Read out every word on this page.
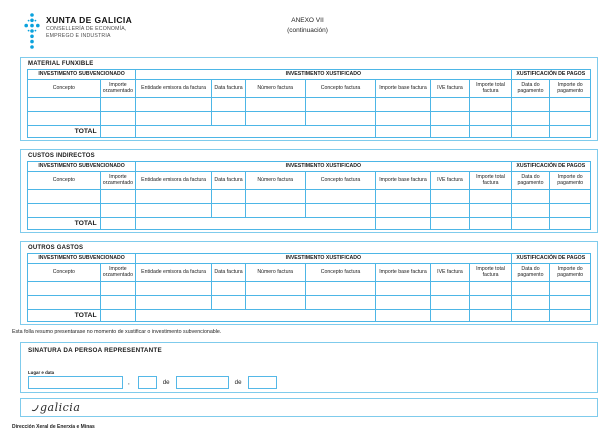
XUNTA DE GALICIA
CONSELLERÍA DE ECONOMÍA,
EMPREGO E INDUSTRIA
ANEXO VII
(continuación)
MATERIAL FUNXIBLE
INVESTIMENTO SUBVENCIONADO		INVESTIMENTO XUSTIFICADO							XUSTIFICACIÓN DE PAGOS	
Concepto	Importe orzamentado	Entidade emisora da factura	Data factura	Número factura	Concepto factura	Importe base factura	IVE factura	Importe total factura	Data do pagamento	Importe do pagamento

TOTAL										
CUSTOS INDIRECTOS
INVESTIMENTO SUBVENCIONADO		INVESTIMENTO XUSTIFICADO							XUSTIFICACIÓN DE PAGOS	
Concepto	Importe orzamentado	Entidade emisora da factura	Data factura	Número factura	Concepto factura	Importe base factura	IVE factura	Importe total factura	Data do pagamento	Importe do pagamento

TOTAL										
OUTROS GASTOS
INVESTIMENTO SUBVENCIONADO		INVESTIMENTO XUSTIFICADO							XUSTIFICACIÓN DE PAGOS	
Concepto	Importe orzamentado	Entidade emisora da factura	Data factura	Número factura	Concepto factura	Importe base factura	IVE factura	Importe total factura	Data do pagamento	Importe do pagamento

TOTAL										
Esta folla resumo presentarase no momento de xustificar o investimento subvencionable.
SINATURA DA PERSOA REPRESENTANTE
Lugar e data
,	de	de
galicia
Dirección Xeral de Enerxía e Minas
